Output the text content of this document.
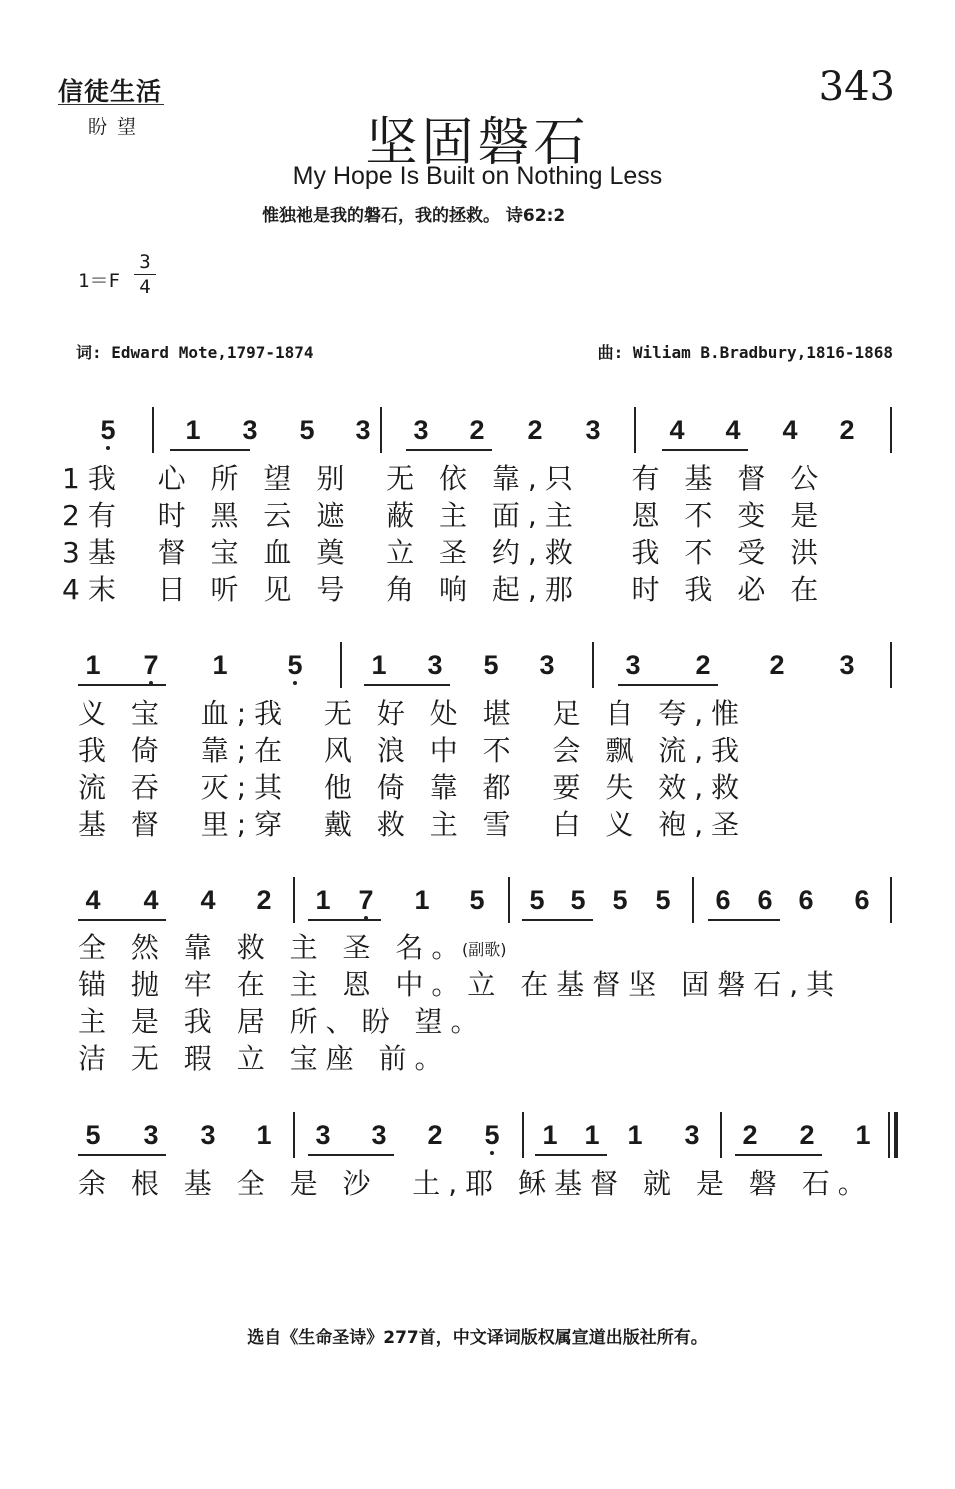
信徒生活
盼 望
343
坚固磐石
My Hope Is Built on Nothing Less
惟独祂是我的磐石，我的拯救。 诗62:2
1＝F
3
4
词: Edward Mote,1797-1874	曲: Wiliam B.Bradbury,1816-1868
5	1 3 5 3 3 2 2 3	4 4 4 2
1我  心 所 望 别  无 依 靠,只   有 基 督 公
2有  时 黑 云 遮  蔽 主 面,主   恩 不 变 是
3基  督 宝 血 奠  立 圣 约,救   我 不 受 洪
4末  日 听 见 号  角 响 起,那   时 我 必 在
1 7 1 5	1 3 5 3	3 2 2 3
义 宝  血;我  无 好 处 堪  足 自 夸,惟
我 倚  靠;在  风 浪 中 不  会 飘 流,我
流 吞  灭;其  他 倚 靠 都  要 失 效,救
基 督  里;穿  戴 救 主 雪  白 义 袍,圣
4 4 4 2 1 7 1 5 5 5 5 5 6 6 6 6
全 然 靠 救 主 圣 名。
锚 抛 牢 在 主 恩 中。立 在基督坚 固磐石,其
主 是 我 居 所、盼 望。
洁 无 瑕 立 宝座 前。
(副歌)
5 3 3 1 3 3 2 5 1 1 1 3 2 2 1
余 根 基 全 是 沙  土,耶 稣基督 就 是 磐 石。
选自《生命圣诗》277首，中文译词版权属宣道出版社所有。
